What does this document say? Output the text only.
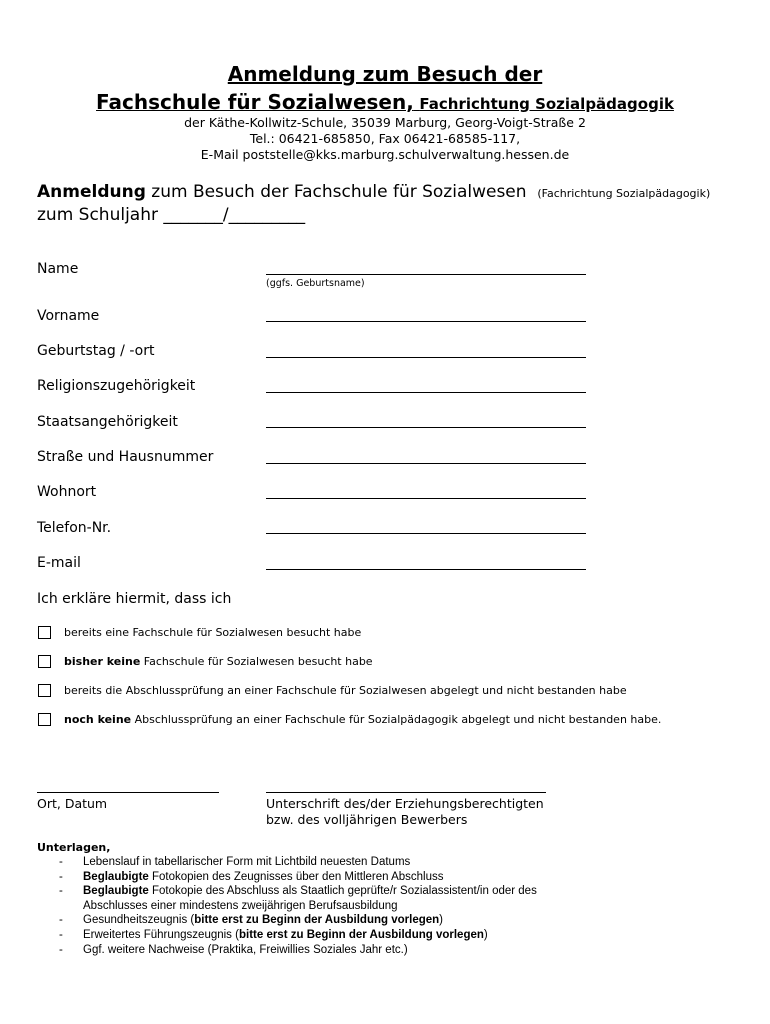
Anmeldung zum Besuch der
Fachschule für Sozialwesen, Fachrichtung Sozialpädagogik
der Käthe-Kollwitz-Schule, 35039 Marburg, Georg-Voigt-Straße 2
Tel.: 06421-685850, Fax 06421-68585-117,
E-Mail poststelle@kks.marburg.schulverwaltung.hessen.de
Anmeldung zum Besuch der Fachschule für Sozialwesen (Fachrichtung Sozialpädagogik)
zum Schuljahr _______/_________
Name
(ggfs. Geburtsname)
Vorname
Geburtstag / -ort
Religionszugehörigkeit
Staatsangehörigkeit
Straße und Hausnummer
Wohnort
Telefon-Nr.
E-mail
Ich erkläre hiermit, dass ich
bereits eine Fachschule für Sozialwesen besucht habe
bisher keine Fachschule für Sozialwesen besucht habe
bereits die Abschlussprüfung an einer Fachschule für Sozialwesen abgelegt und nicht bestanden habe
noch keine Abschlussprüfung an einer Fachschule für Sozialpädagogik abgelegt und nicht bestanden habe.
Ort, Datum	Unterschrift des/der Erziehungsberechtigten
bzw. des volljährigen Bewerbers
Unterlagen,
- Lebenslauf in tabellarischer Form mit Lichtbild neuesten Datums
- Beglaubigte Fotokopien des Zeugnisses über den Mittleren Abschluss
- Beglaubigte Fotokopie des Abschluss als Staatlich geprüfte/r Sozialassistent/in oder des Abschlusses einer mindestens zweijährigen Berufsausbildung
- Gesundheitszeugnis (bitte erst zu Beginn der Ausbildung vorlegen)
- Erweitertes Führungszeugnis (bitte erst zu Beginn der Ausbildung vorlegen)
- Ggf. weitere Nachweise (Praktika, Freiwillies Soziales Jahr etc.)
